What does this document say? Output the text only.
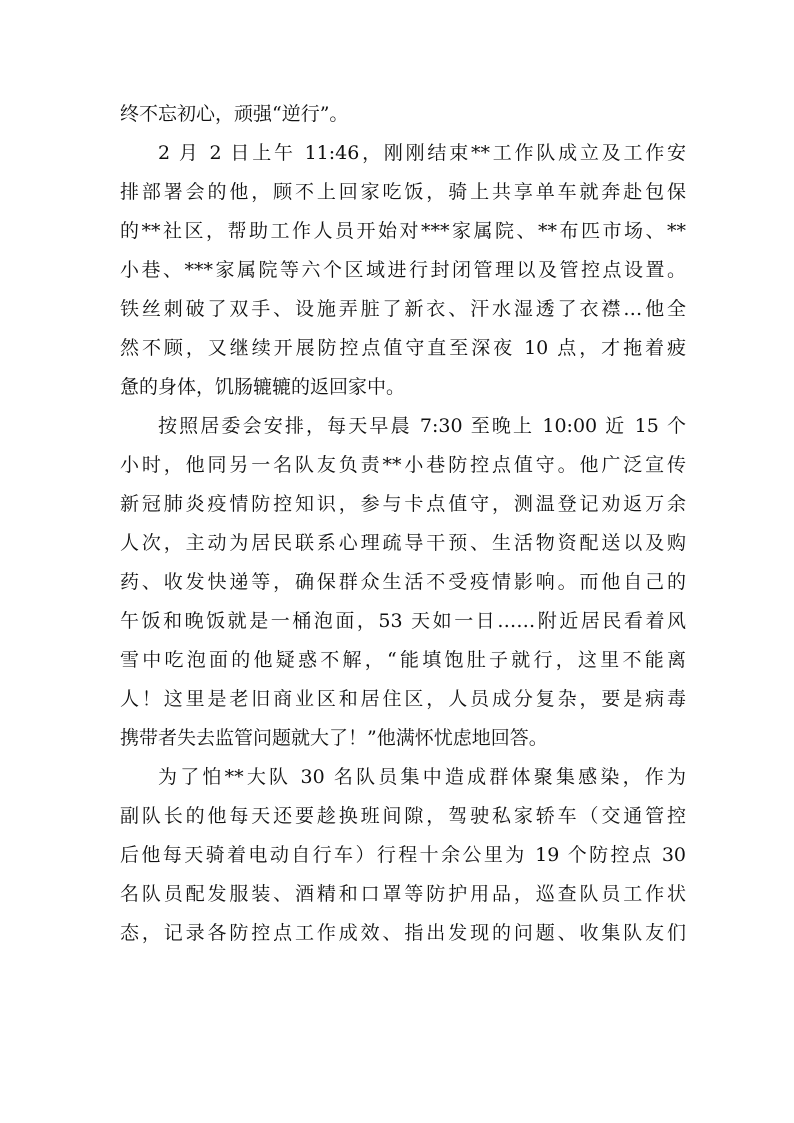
终不忘初心，顽强“逆行”。
2 月 2 日上午 11:46，刚刚结束**工作队成立及工作安
排部署会的他，顾不上回家吃饭，骑上共享单车就奔赴包保
的**社区，帮助工作人员开始对***家属院、**布匹市场、**
小巷、***家属院等六个区域进行封闭管理以及管控点设置。
铁丝刺破了双手、设施弄脏了新衣、汗水湿透了衣襟…他全
然不顾，又继续开展防控点值守直至深夜 10 点，才拖着疲
惫的身体，饥肠辘辘的返回家中。
按照居委会安排，每天早晨 7:30 至晚上 10:00 近 15 个
小时，他同另一名队友负责**小巷防控点值守。他广泛宣传
新冠肺炎疫情防控知识，参与卡点值守，测温登记劝返万余
人次，主动为居民联系心理疏导干预、生活物资配送以及购
药、收发快递等，确保群众生活不受疫情影响。而他自己的
午饭和晚饭就是一桶泡面，53 天如一日……附近居民看着风
雪中吃泡面的他疑惑不解，“能填饱肚子就行，这里不能离
人！这里是老旧商业区和居住区，人员成分复杂，要是病毒
携带者失去监管问题就大了！”他满怀忧虑地回答。
为了怕**大队 30 名队员集中造成群体聚集感染，作为
副队长的他每天还要趁换班间隙，驾驶私家轿车（交通管控
后他每天骑着电动自行车）行程十余公里为 19 个防控点 30
名队员配发服装、酒精和口罩等防护用品，巡查队员工作状
态，记录各防控点工作成效、指出发现的问题、收集队友们
